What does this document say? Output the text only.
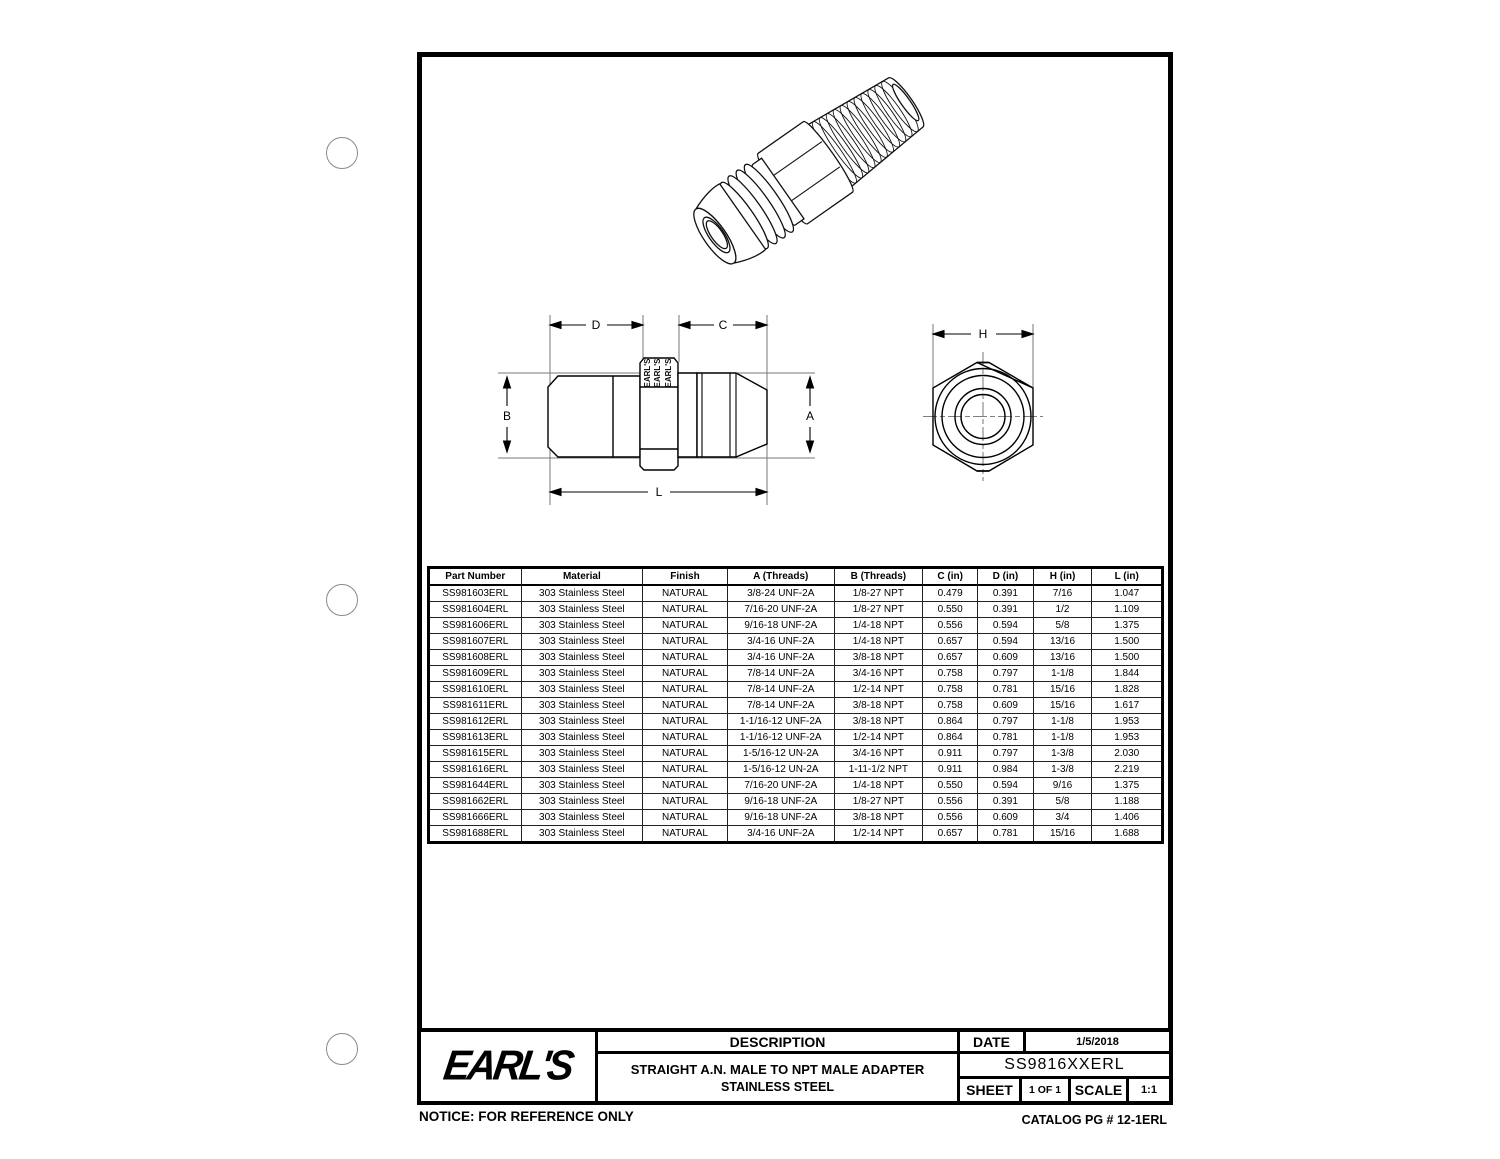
EARL'S EARL'S EARL'S
D	C
B	A
L
H
Part Number	Material	Finish	A (Threads)	B (Threads)	C (in)	D (in)	H (in)	L (in)
SS981603ERL	303 Stainless Steel	NATURAL	3/8-24 UNF-2A	1/8-27 NPT	0.479	0.391	7/16	1.047
SS981604ERL	303 Stainless Steel	NATURAL	7/16-20 UNF-2A	1/8-27 NPT	0.550	0.391	1/2	1.109
SS981606ERL	303 Stainless Steel	NATURAL	9/16-18 UNF-2A	1/4-18 NPT	0.556	0.594	5/8	1.375
SS981607ERL	303 Stainless Steel	NATURAL	3/4-16 UNF-2A	1/4-18 NPT	0.657	0.594	13/16	1.500
SS981608ERL	303 Stainless Steel	NATURAL	3/4-16 UNF-2A	3/8-18 NPT	0.657	0.609	13/16	1.500
SS981609ERL	303 Stainless Steel	NATURAL	7/8-14 UNF-2A	3/4-16 NPT	0.758	0.797	1-1/8	1.844
SS981610ERL	303 Stainless Steel	NATURAL	7/8-14 UNF-2A	1/2-14 NPT	0.758	0.781	15/16	1.828
SS981611ERL	303 Stainless Steel	NATURAL	7/8-14 UNF-2A	3/8-18 NPT	0.758	0.609	15/16	1.617
SS981612ERL	303 Stainless Steel	NATURAL	1-1/16-12 UNF-2A	3/8-18 NPT	0.864	0.797	1-1/8	1.953
SS981613ERL	303 Stainless Steel	NATURAL	1-1/16-12 UNF-2A	1/2-14 NPT	0.864	0.781	1-1/8	1.953
SS981615ERL	303 Stainless Steel	NATURAL	1-5/16-12 UN-2A	3/4-16 NPT	0.911	0.797	1-3/8	2.030
SS981616ERL	303 Stainless Steel	NATURAL	1-5/16-12 UN-2A	1-11-1/2 NPT	0.911	0.984	1-3/8	2.219
SS981644ERL	303 Stainless Steel	NATURAL	7/16-20 UNF-2A	1/4-18 NPT	0.550	0.594	9/16	1.375
SS981662ERL	303 Stainless Steel	NATURAL	9/16-18 UNF-2A	1/8-27 NPT	0.556	0.391	5/8	1.188
SS981666ERL	303 Stainless Steel	NATURAL	9/16-18 UNF-2A	3/8-18 NPT	0.556	0.609	3/4	1.406
SS981688ERL	303 Stainless Steel	NATURAL	3/4-16 UNF-2A	1/2-14 NPT	0.657	0.781	15/16	1.688
EARL'S
DESCRIPTION
STRAIGHT A.N. MALE TO NPT MALE ADAPTER
STAINLESS STEEL
DATE	1/5/2018
SS9816XXERL
SHEET	1 OF 1 SCALE	1:1
NOTICE: FOR REFERENCE ONLY	CATALOG PG # 12-1ERL
